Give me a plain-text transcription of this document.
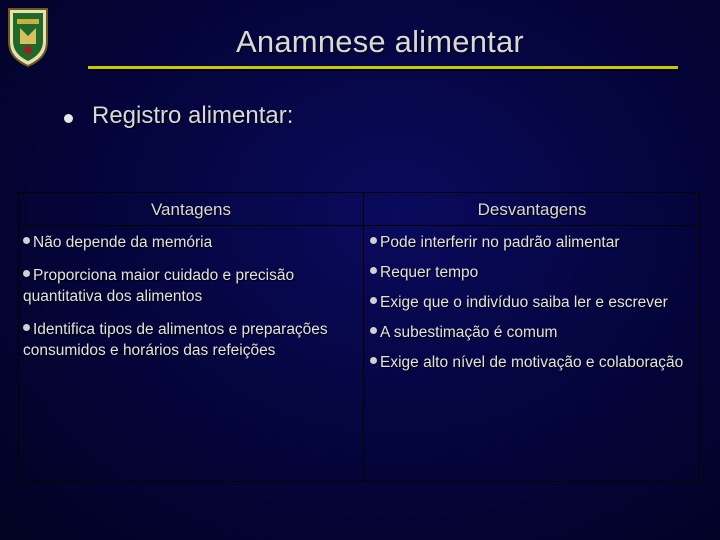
Anamnese alimentar
Registro alimentar:
Vantagens
Não depende da memória
Proporciona maior cuidado e precisão quantitativa dos alimentos
Identifica tipos de alimentos e preparações consumidos e horários das refeições
Desvantagens
Pode interferir no padrão alimentar
Requer tempo
Exige que o indivíduo saiba ler e escrever
A subestimação é comum
Exige alto nível de motivação e colaboração
